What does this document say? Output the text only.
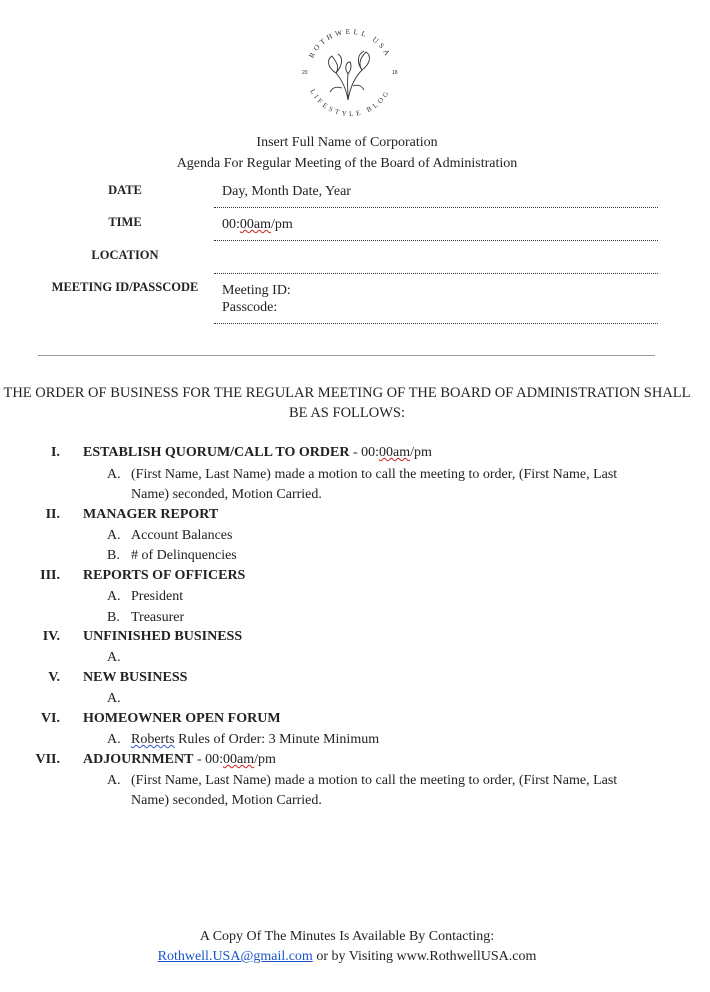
ROTHWELL USA
LIFESTYLE BLOG
20	18
Insert Full Name of Corporation
Agenda For Regular Meeting of the Board of Administration
DATE	Day, Month Date, Year
TIME	00:00am/pm
LOCATION
MEETING ID/PASSCODE Meeting ID:
Passcode:
THE ORDER OF BUSINESS FOR THE REGULAR MEETING OF THE BOARD OF ADMINISTRATION SHALL BE AS FOLLOWS:
I. ESTABLISH QUORUM/CALL TO ORDER - 00:00am/pm
A. (First Name, Last Name) made a motion to call the meeting to order, (First Name, Last Name) seconded, Motion Carried.
II. MANAGER REPORT
A. Account Balances
B. # of Delinquencies
III. REPORTS OF OFFICERS
A. President
B. Treasurer
IV. UNFINISHED BUSINESS
A.
V. NEW BUSINESS
A.
VI. HOMEOWNER OPEN FORUM
A. Roberts Rules of Order: 3 Minute Minimum
VII. ADJOURNMENT - 00:00am/pm
A. (First Name, Last Name) made a motion to call the meeting to order, (First Name, Last Name) seconded, Motion Carried.
A Copy Of The Minutes Is Available By Contacting:
Rothwell.USA@gmail.com or by Visiting www.RothwellUSA.com
